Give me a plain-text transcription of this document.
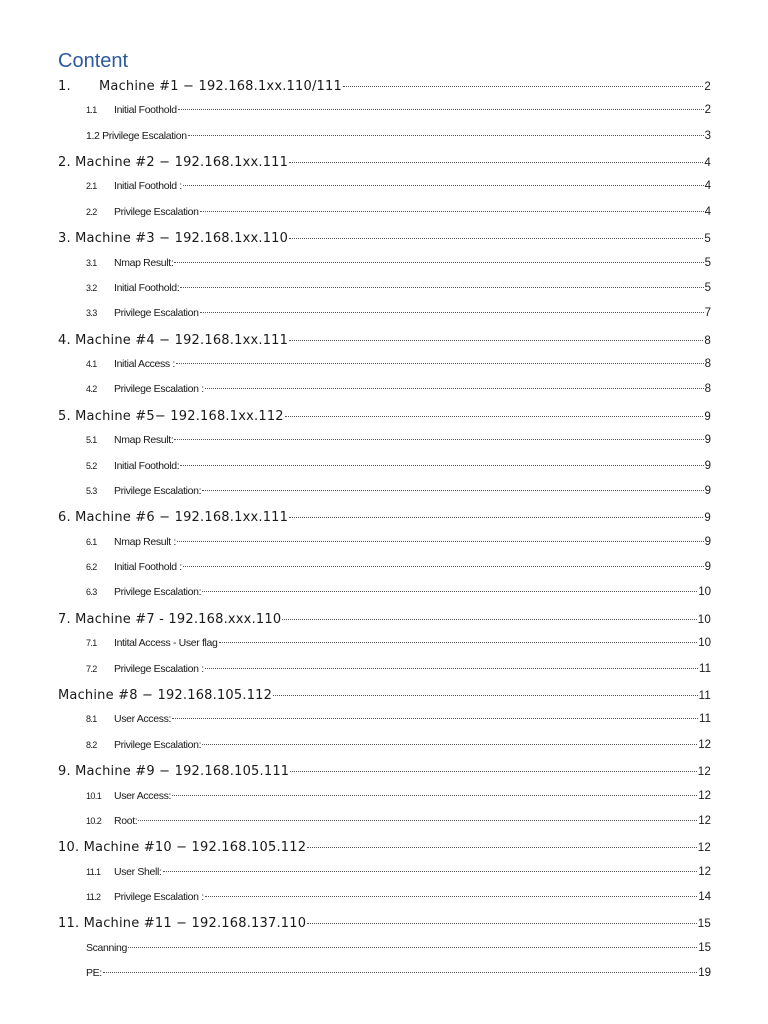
Content
1.	Machine #1 − 192.168.1xx.110/111	2
1.1	Initial Foothold	2
1.2 Privilege Escalation	3
2. Machine #2 − 192.168.1xx.111	4
2.1	Initial Foothold :	4
2.2	Privilege Escalation	4
3. Machine #3 − 192.168.1xx.110	5
3.1	Nmap Result:	5
3.2	Initial Foothold:	5
3.3	Privilege Escalation	7
4. Machine #4 − 192.168.1xx.111	8
4.1	Initial Access :	8
4.2	Privilege Escalation :	8
5. Machine #5− 192.168.1xx.112	9
5.1	Nmap Result:	9
5.2	Initial Foothold:	9
5.3	Privilege Escalation:	9
6. Machine #6 − 192.168.1xx.111	9
6.1	Nmap Result :	9
6.2	Initial Foothold :	9
6.3	Privilege Escalation:	10
7. Machine #7 - 192.168.xxx.110	10
7.1	Intital Access - User flag	10
7.2	Privilege Escalation :	11
Machine #8 − 192.168.105.112	11
8.1	User Access:	11
8.2	Privilege Escalation:	12
9. Machine #9 − 192.168.105.111	12
10.1	User Access:	12
10.2	Root:	12
10. Machine #10 − 192.168.105.112	12
11.1	User Shell:	12
11.2	Privilege Escalation :	14
11. Machine #11 − 192.168.137.110	15
Scanning	15
PE:	19
